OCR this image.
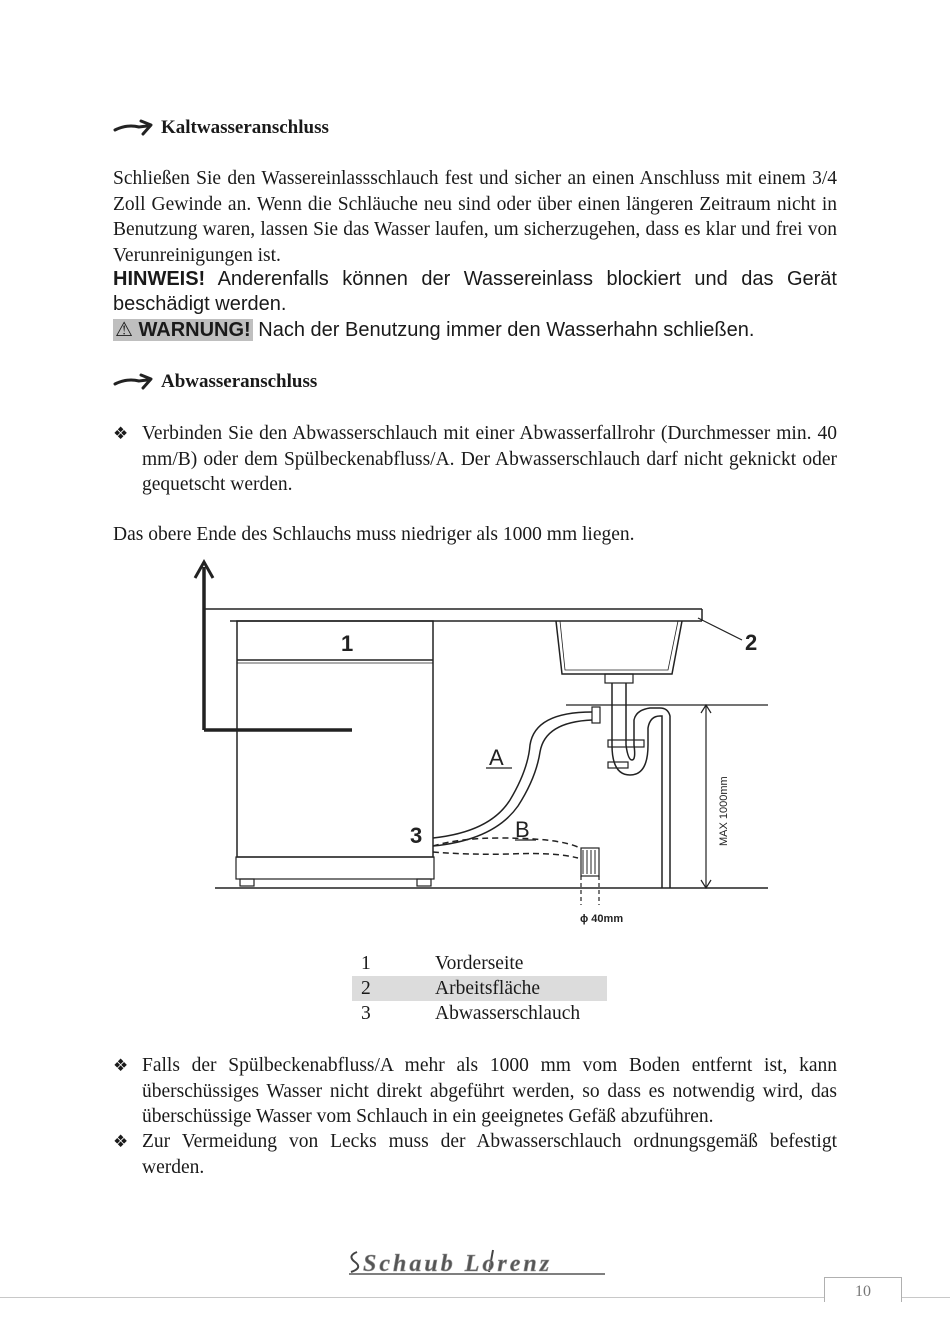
Kaltwasseranschluss

Schließen Sie den Wassereinlassschlauch fest und sicher an einen Anschluss mit einem 3/4 Zoll Gewinde an. Wenn die Schläuche neu sind oder über einen längeren Zeitraum nicht in Benutzung waren, lassen Sie das Wasser laufen, um sicherzugehen, dass es klar und frei von Verunreinigungen ist.

HINWEIS! Anderenfalls können der Wassereinlass blockiert und das Gerät beschädigt werden.

⚠ WARNUNG! Nach der Benutzung immer den Wasserhahn schließen.

Abwasseranschluss
❖ Verbinden Sie den Abwasserschlauch mit einer Abwasserfallrohr (Durchmesser min. 40 mm/B) oder dem Spülbeckenabfluss/A. Der Abwasserschlauch darf nicht geknickt oder gequetscht werden.

Das obere Ende des Schlauchs muss niedriger als 1000 mm liegen.

1	2
3
A
B	MAX 1000mm
ɸ 40mm
1	Vorderseite
2	Arbeitsfläche
3	Abwasserschlauch
❖ Falls der Spülbeckenabfluss/A mehr als 1000 mm vom Boden entfernt ist, kann überschüssiges Wasser nicht direkt abgeführt werden, so dass es notwendig wird, das überschüssige Wasser vom Schlauch in ein geeignetes Gefäß abzuführen.
❖ Zur Vermeidung von Lecks muss der Abwasserschlauch ordnungsgemäß befestigt werden.
Schaub Lorenz
10
